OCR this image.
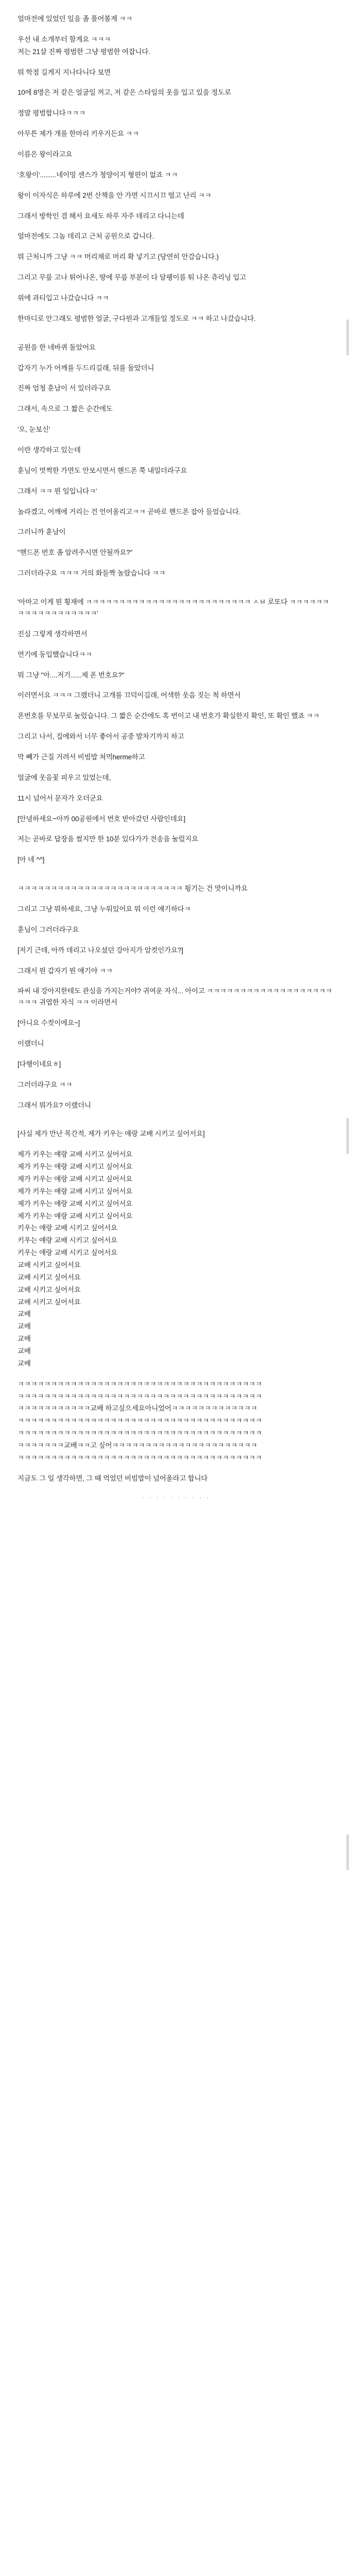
얼마전에 있었던 일을 좀 풀어볼게 ㅋㅋ

우선 내 소개부터 할게요 ㅋㅋㅋ

저는 21살 진짜 평범한 그냥 평범한 여잡니다.

뭐 학점 길게지 지나다니다 보면

10에 8명은 저 같은 얼굴일 꺼고, 저 같은 스타일의 옷을 입고 있을 정도로

정말 평범합니다ㅋㅋㅋ

아무튼 제가 개를 한마리 키우거든요 ㅋㅋ

이름은 왕이라고요

'호왕이'.........네이밍 센스가 청양이지 형편이 없죠 ㅋㅋ

왕이 이자식은 하루에 2번 산책을 안 가면 시끄시끄 떨고 난리 ㅋㅋ

그래서 방학인 겸 해서 요새도 하루 자주 데리고 다니는데

얼마전에도 그놈 데리고 근처 공원으로 갑니다.

뭐 근처니까 그냥 ㅋㅋ 머리채로 머리 확 넣기고 (당연히 안감습니다.)

그리고 무릎 고나 튀어나온, 땅에 무릎 부분이 다 달팽이름 퉈 나온 츄리닝 입고

위에 과티입고 나갔습니다 ㅋㅋ

한마디로 안그래도 평범한 얼굴, 구다뭔과 고개들일 정도로 ㅋㅋ 하고 나갔습니다.

공원을 한 네바퀴 돌았어요

갑자기 누가 어깨를 두드리길래, 뒤를 돌았더니

진짜 엄청 훈남이 서 있더라구요

그래서, 속으로 그 짧은 순간에도

'오, 눈보신'

이란 생각하고 있는데

훈님이 멋쩍한 가면도 안보시면서 핸드폰 쭉 내밀더라구요

그래서 ㅋㅋ 뭔 일입니다ㅋ'

놀라겠고, 어깨에 거리는 건 언어올리고ㅋㅋ 곧바로 핸드폰 잡아 들었습니다.

그러니까 훈남이

"핸드폰 번호 좀 알려주시면 안될까요?"

그러더라구요 ㅋㅋㅋ 거의 화들짝 놀랐습니다 ㅋㅋ

'아마고 이게 뭔 횡재에 ㅋㅋㅋㅋㅋㅋㅋㅋㅋㅋㅋㅋㅋㅋㅋㅋㅋㅋㅋㅋㅋㅋㅋㅋㅋ ㅅㅂ 로또다 ㅋㅋㅋㅋㅋㅋㅋㅋㅋㅋㅋㅋㅋㅋㅋㅋㅋㅋ'

진심 그렇게 생각하면서

연기에 동입했습니다ㅋㅋ

뭐 그냥 "아....저기......제 폰 번호요?"

이러면서요 ㅋㅋㅋ 그랬더니 고개를 끄덕이길래, 어색한 웃음 짓는 척 하면서

폰번호를 무보꾸로 눌렀습니다. 그 짧은 순간에도 혹 번이고 내 번호가 확실한지 확인, 또 확인 했죠 ㅋㅋ

그리고 나서, 집에와서 너무 좋아서 공중 발차기까지 하고

막 빼가 근질 거려서 비빔밥 쳐먹herme하고

얼굴에 웃음꽃 피우고 있었는데,

11시 넘어서 문자가 오더군요

[안녕하세요~아까 00공원에서 번호 받아갔던 사람인데요]

저는 곧바로 답장을 썼지만 한 10분 있다가가 전송을 눌렀지요

[아 네 ^^]

ㅋㅋㅋㅋㅋㅋㅋㅋㅋㅋㅋㅋㅋㅋㅋㅋㅋㅋㅋㅋㅋㅋㅋㅋㅋ 튕기는 건 맛이니까요

그리고 그냥 뭐하세요, 그냥 누워있어요 뭐 이런 얘기하다ㅋ

훈님이 그러더라구요

[저기 근데, 아까 데리고 나오셨던 강아지가 암컷인가요?]

그래서 뭔 갑자기 뭔 얘기야 ㅋㅋ

파씨 내 강아지한테도 관심을 가지는거야? 귀여운 자식... 아이고 ㅋㅋㅋㅋㅋㅋㅋㅋㅋㅋㅋㅋㅋㅋㅋㅋㅋㅋㅋㅋㅋㅋ 귀엽한 자식 ㅋㅋ 이라면서

[아니요 수컷이에요~]

이랬더니

[다행이네요ㅎ]

그러더라구요 ㅋㅋ

그래서 뭐가요? 이랬더니

[사실 제가 만난 목간적, 제가 키우는 얘랑 교배 시키고 싶어서요]

제가 키우는 얘랑 교배 시키고 싶어서요

제가 키우는 얘랑 교배 시키고 싶어서요

제가 키우는 얘랑 교배 시키고 싶어서요

제가 키우는 얘랑 교배 시키고 싶어서요

제가 키우는 얘랑 교배 시키고 싶어서요

제가 키우는 얘랑 교배 시키고 싶어서요

키우는 얘랑 교배 시키고 싶어서요

키우는 얘랑 교배 시키고 싶어서요

키우는 얘랑 교배 시키고 싶어서요

교배 시키고 싶어서요

교배 시키고 싶어서요

교배 시키고 싶어서요

교배 시키고 싶어서요

교배

교배

교배

교배

교배

ㅋㅋㅋㅋㅋㅋㅋㅋㅋㅋㅋㅋㅋㅋㅋㅋㅋㅋㅋㅋㅋㅋㅋㅋㅋㅋㅋㅋㅋㅋㅋㅋㅋㅋㅋㅋㅋ

ㅋㅋㅋㅋㅋㅋㅋㅋㅋㅋㅋㅋㅋㅋㅋㅋㅋㅋㅋㅋㅋㅋㅋㅋㅋㅋㅋㅋㅋㅋㅋㅋㅋㅋㅋㅋㅋ

ㅋㅋㅋㅋㅋㅋㅋㅋㅋㅋㅋ교배 하고싶으세요아니었어ㅋㅋㅋㅋㅋㅋㅋㅋㅋㅋㅋㅋㅋ

ㅋㅋㅋㅋㅋㅋㅋㅋㅋㅋㅋㅋㅋㅋㅋㅋㅋㅋㅋㅋㅋㅋㅋㅋㅋㅋㅋㅋㅋㅋㅋㅋㅋㅋㅋㅋㅋ

ㅋㅋㅋㅋㅋㅋㅋㅋㅋㅋㅋㅋㅋㅋㅋㅋㅋㅋㅋㅋㅋㅋㅋㅋㅋㅋㅋㅋㅋㅋㅋㅋㅋㅋㅋㅋㅋ

ㅋㅋㅋㅋㅋㅋㅋ교배ㅋㅋ고 싶어ㅋㅋㅋㅋㅋㅋㅋㅋㅋㅋㅋㅋㅋㅋㅋㅋㅋㅋㅋㅋㅋㅋ

ㅋㅋㅋㅋㅋㅋㅋㅋㅋㅋㅋㅋㅋㅋㅋㅋㅋㅋㅋㅋㅋㅋㅋㅋㅋㅋㅋㅋㅋㅋㅋㅋㅋㅋㅋㅋㅋ

지금도 그 일 생각하면, 그 때 먹었던 비빔밥이 넘어올라고 합니다

· · · · · · · · · ·
